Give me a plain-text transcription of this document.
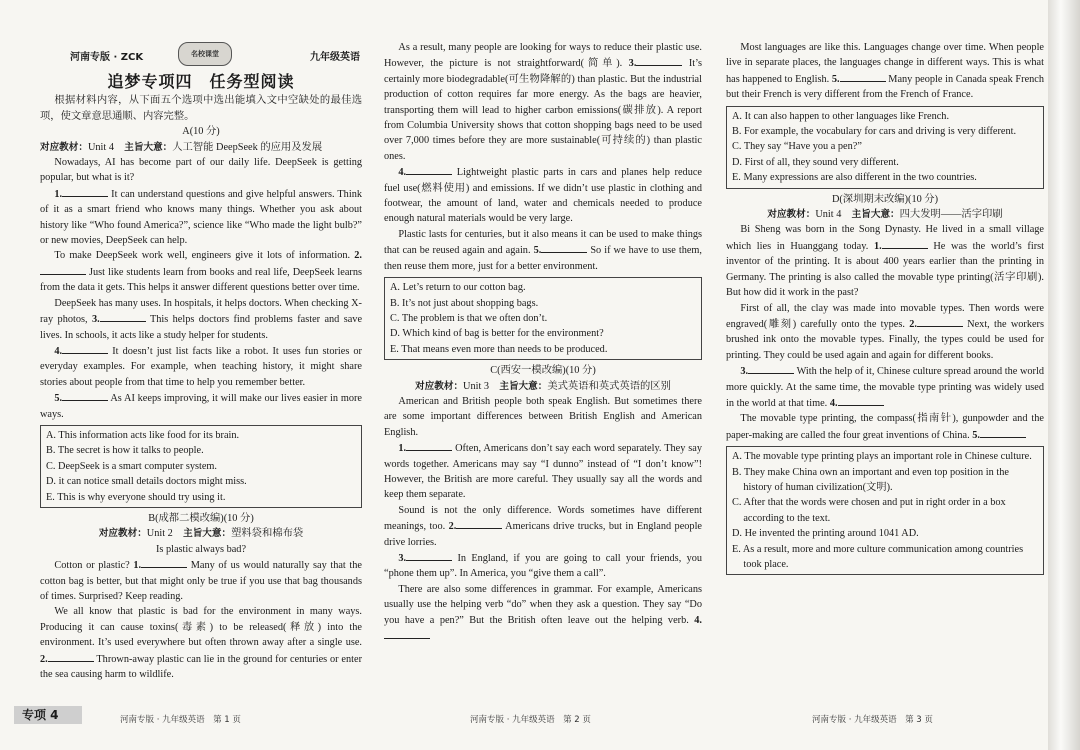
河南专版 · ZCK	名校课堂	九年级英语
追梦专项四　任务型阅读

根据材料内容，从下面五个选项中选出能填入文中空缺处的最佳选项，使文章意思通顺、内容完整。

A(10 分)
对应教材：Unit 4　 主旨大意：人工智能 DeepSeek 的应用及发展

Nowadays, AI has become part of our daily life. DeepSeek is getting popular, but what is it?

1.	It can understand questions and give helpful answers. Think of it as a smart friend who knows many things. Whether you ask about history like “Who found America?”, science like “Who made the light bulb?” or new movies, DeepSeek can help.

To make DeepSeek work well, engineers give it lots of information. 2. Just like students learn from books and real life, DeepSeek learns from the data it gets. This helps it answer different questions better over time.

DeepSeek has many uses. In hospitals, it helps doctors. When checking X-ray photos, 3.	This helps doctors find problems faster and save lives. In schools, it acts like a study helper for students.

4.	It doesn’t just list facts like a robot. It uses fun stories or everyday examples. For example, when teaching history, it might share stories about people from that time to help you remember better.

5.	As AI keeps improving, it will make our lives easier in more ways.

A. This information acts like food for its brain.
B. The secret is how it talks to people.
C. DeepSeek is a smart computer system.
D. it can notice small details doctors might miss.
E. This is why everyone should try using it.
B(成都二模改编)(10 分)
对应教材：Unit 2　 主旨大意：塑料袋和棉布袋
Is plastic always bad?

Cotton or plastic? 1.	Many of us would naturally say that the cotton bag is better, but that might only be true if you use that bag thousands of times. Surprised? Keep reading.

We all know that plastic is bad for the environment in many ways. Producing it can cause toxins(毒素) to be released(释放) into the environment. It’s used everywhere but often thrown away after a single use. 2.	Thrown-away plastic can lie in the ground for centuries or enter the sea causing harm to wildlife.

As a result, many people are looking for ways to reduce their plastic use. However, the picture is not straightforward(简单). 3.	It’s certainly more biodegradable(可生物降解的) than plastic. But the industrial production of cotton requires far more energy. As the bags are heavier, transporting them will lead to higher carbon emissions(碳排放). A report from Columbia University shows that cotton shopping bags need to be used over 7,000 times before they are more sustainable(可持续的) than plastic ones.

4.	Lightweight plastic parts in cars and planes help reduce fuel use(燃料使用) and emissions. If we didn’t use plastic in clothing and footwear, the amount of land, water and chemicals needed to produce enough natural materials would be very large.

Plastic lasts for centuries, but it also means it can be used to make things that can be reused again and again. 5.	So if we have to use them, then reuse them more, just for a better environment.

A. Let’s return to our cotton bag.
B. It’s not just about shopping bags.
C. The problem is that we often don’t.
D. Which kind of bag is better for the environment?
E. That means even more than needs to be produced.
C(西安一模改编)(10 分)
对应教材：Unit 3　 主旨大意：美式英语和英式英语的区别

American and British people both speak English. But sometimes there are some important differences between British English and American English.

1.	Often, Americans don’t say each word separately. They say words together. Americans may say “I dunno” instead of “I don’t know”! However, the British are more careful. They usually say all the words and keep them separate.

Sound is not the only difference. Words sometimes have different meanings, too. 2.	Americans drive trucks, but in England people drive lorries.

3.	In England, if you are going to call your friends, you “phone them up”. In America, you “give them a call”.

There are also some differences in grammar. For example, Americans usually use the helping verb “do” when they ask a question. They say “Do you have a pen?” But the British often leave out the helping verb. 4.

Most languages are like this. Languages change over time. When people live in separate places, the languages change in different ways. This is what has happened to English. 5.	Many people in Canada speak French but their French is very different from the French of France.

A. It can also happen to other languages like French.
B. For example, the vocabulary for cars and driving is very different.
C. They say “Have you a pen?”
D. First of all, they sound very different.
E. Many expressions are also different in the two countries.
D(深圳期末改编)(10 分)
对应教材：Unit 4　 主旨大意：四大发明——活字印刷

Bi Sheng was born in the Song Dynasty. He lived in a small village which lies in Huanggang today. 1.	He was the world’s first inventor of the printing. It is about 400 years earlier than the printing in Germany. The printing is also called the movable type printing(活字印刷). But how did it work in the past?

First of all, the clay was made into movable types. Then words were engraved(雕刻) carefully onto the types. 2.	Next, the workers brushed ink onto the movable types. Finally, the types could be used for printing. They could be used again and again for different books.

3.	With the help of it, Chinese culture spread around the world more quickly. At the same time, the movable type printing was widely used in the world at that time. 4.

The movable type printing, the compass(指南针), gunpowder and the paper-making are called the four great inventions of China. 5.

A. The movable type printing plays an important role in Chinese culture.
B. They make China own an important and even top position in the history of human civilization(文明).
C. After that the words were chosen and put in right order in a box according to the text.
D. He invented the printing around 1041 AD.
E. As a result, more and more culture communication among countries took place.
专项 4	河南专版 · 九年级英语　第 1 页	河南专版 · 九年级英语　第 2 页	河南专版 · 九年级英语　第 3 页
